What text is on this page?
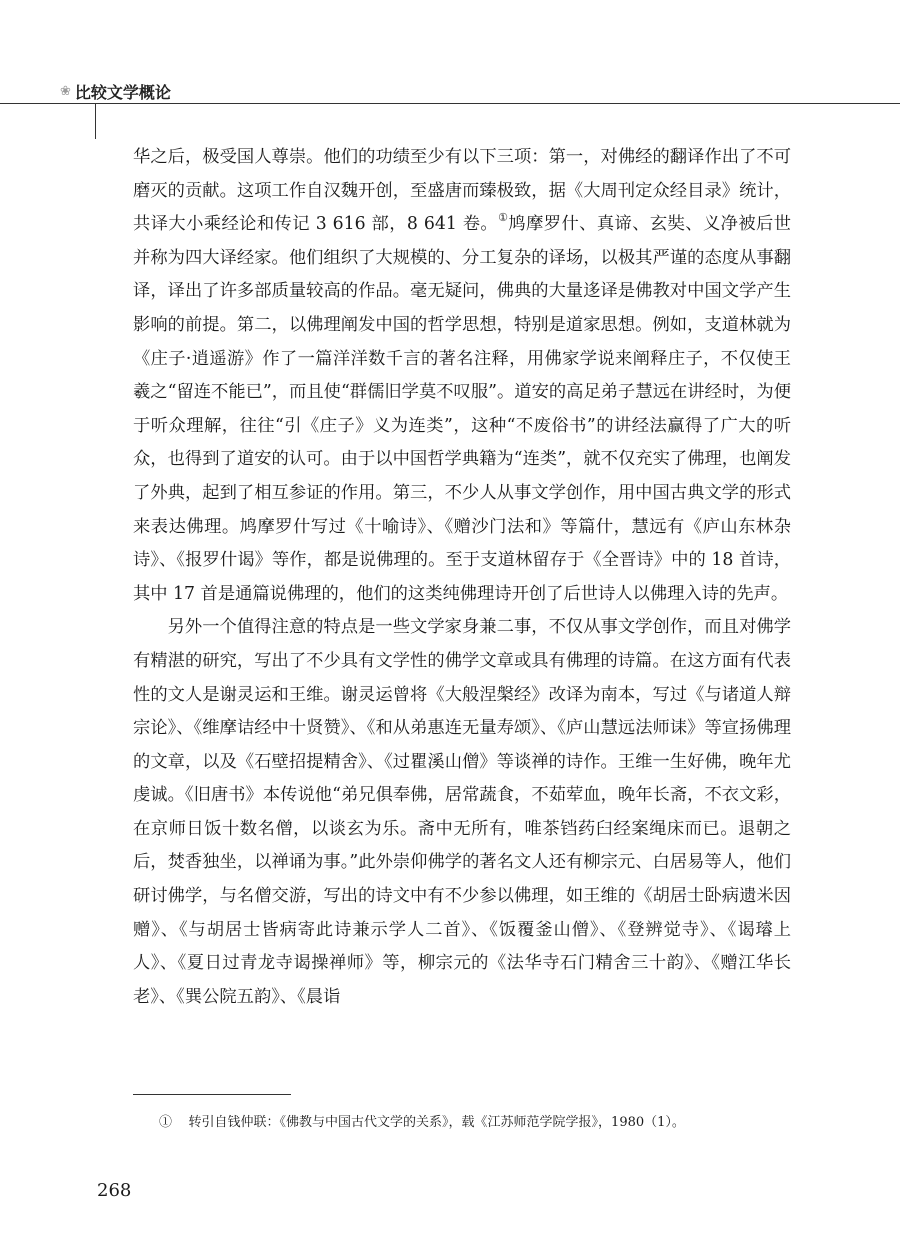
❀ 比较文学概论

华之后，极受国人尊崇。他们的功绩至少有以下三项：第一，对佛经的翻译作出了不可磨灭的贡献。这项工作自汉魏开创，至盛唐而臻极致，据《大周刊定众经目录》统计，共译大小乘经论和传记 3 616 部，8 641 卷。①鸠摩罗什、真谛、玄奘、义净被后世并称为四大译经家。他们组织了大规模的、分工复杂的译场，以极其严谨的态度从事翻译，译出了许多部质量较高的作品。毫无疑问，佛典的大量迻译是佛教对中国文学产生影响的前提。第二，以佛理阐发中国的哲学思想，特别是道家思想。例如，支道林就为《庄子·逍遥游》作了一篇洋洋数千言的著名注释，用佛家学说来阐释庄子，不仅使王羲之“留连不能已”，而且使“群儒旧学莫不叹服”。道安的高足弟子慧远在讲经时，为便于听众理解，往往“引《庄子》义为连类”，这种“不废俗书”的讲经法赢得了广大的听众，也得到了道安的认可。由于以中国哲学典籍为“连类”，就不仅充实了佛理，也阐发了外典，起到了相互参证的作用。第三，不少人从事文学创作，用中国古典文学的形式来表达佛理。鸠摩罗什写过《十喻诗》、《赠沙门法和》等篇什，慧远有《庐山东林杂诗》、《报罗什谒》等作，都是说佛理的。至于支道林留存于《全晋诗》中的 18 首诗，其中 17 首是通篇说佛理的，他们的这类纯佛理诗开创了后世诗人以佛理入诗的先声。

另外一个值得注意的特点是一些文学家身兼二事，不仅从事文学创作，而且对佛学有精湛的研究，写出了不少具有文学性的佛学文章或具有佛理的诗篇。在这方面有代表性的文人是谢灵运和王维。谢灵运曾将《大般涅槃经》改译为南本，写过《与诸道人辩宗论》、《维摩诘经中十贤赞》、《和从弟惠连无量寿颂》、《庐山慧远法师诔》等宣扬佛理的文章，以及《石壁招提精舍》、《过瞿溪山僧》等谈禅的诗作。王维一生好佛，晚年尤虔诚。《旧唐书》本传说他“弟兄俱奉佛，居常蔬食，不茹荤血，晚年长斋，不衣文彩，在京师日饭十数名僧，以谈玄为乐。斋中无所有，唯茶铛药臼经案绳床而已。退朝之后，焚香独坐，以禅诵为事。”此外崇仰佛学的著名文人还有柳宗元、白居易等人，他们研讨佛学，与名僧交游，写出的诗文中有不少参以佛理，如王维的《胡居士卧病遗米因赠》、《与胡居士皆病寄此诗兼示学人二首》、《饭覆釜山僧》、《登辨觉寺》、《谒璿上人》、《夏日过青龙寺谒操禅师》等，柳宗元的《法华寺石门精舍三十韵》、《赠江华长老》、《巽公院五韵》、《晨诣

① 转引自钱仲联：《佛教与中国古代文学的关系》，载《江苏师范学院学报》，1980（1）。
268
